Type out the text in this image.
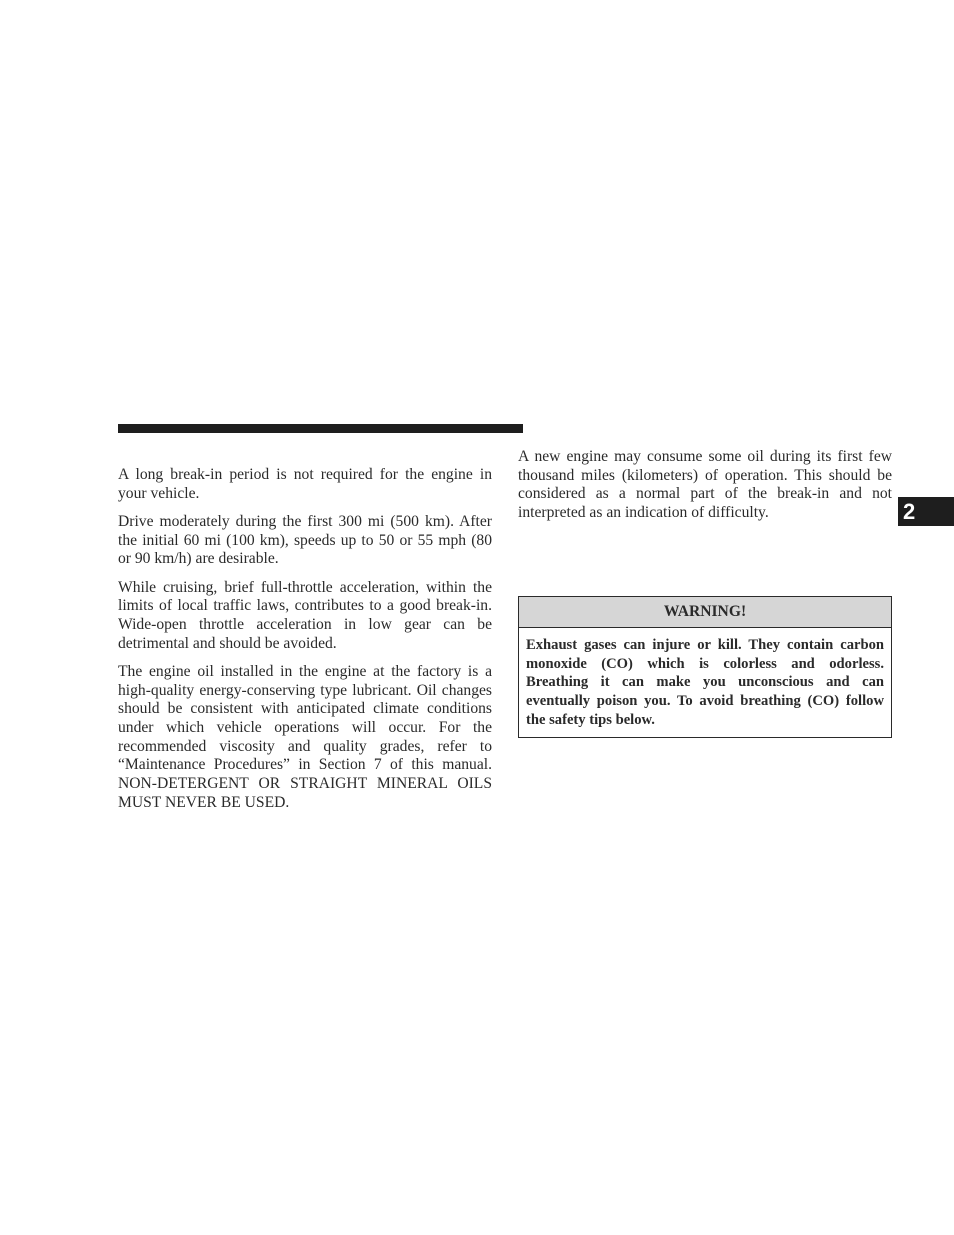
A long break-in period is not required for the engine in your vehicle.

Drive moderately during the first 300 mi (500 km). After the initial 60 mi (100 km), speeds up to 50 or 55 mph (80 or 90 km/h) are desirable.

While cruising, brief full-throttle acceleration, within the limits of local traffic laws, contributes to a good break-in. Wide-open throttle acceleration in low gear can be detrimental and should be avoided.

The engine oil installed in the engine at the factory is a high-quality energy-conserving type lubricant. Oil changes should be consistent with anticipated climate conditions under which vehicle operations will occur. For the recommended viscosity and quality grades, refer to “Maintenance Procedures” in Section 7 of this manual. NON-DETERGENT OR STRAIGHT MINERAL OILS MUST NEVER BE USED.

A new engine may consume some oil during its first few thousand miles (kilometers) of operation. This should be considered as a normal part of the break-in and not interpreted as an indication of difficulty.

WARNING!
Exhaust gases can injure or kill. They contain carbon monoxide (CO) which is colorless and odorless. Breathing it can make you unconscious and can eventually poison you. To avoid breathing (CO) follow the safety tips below.
2
